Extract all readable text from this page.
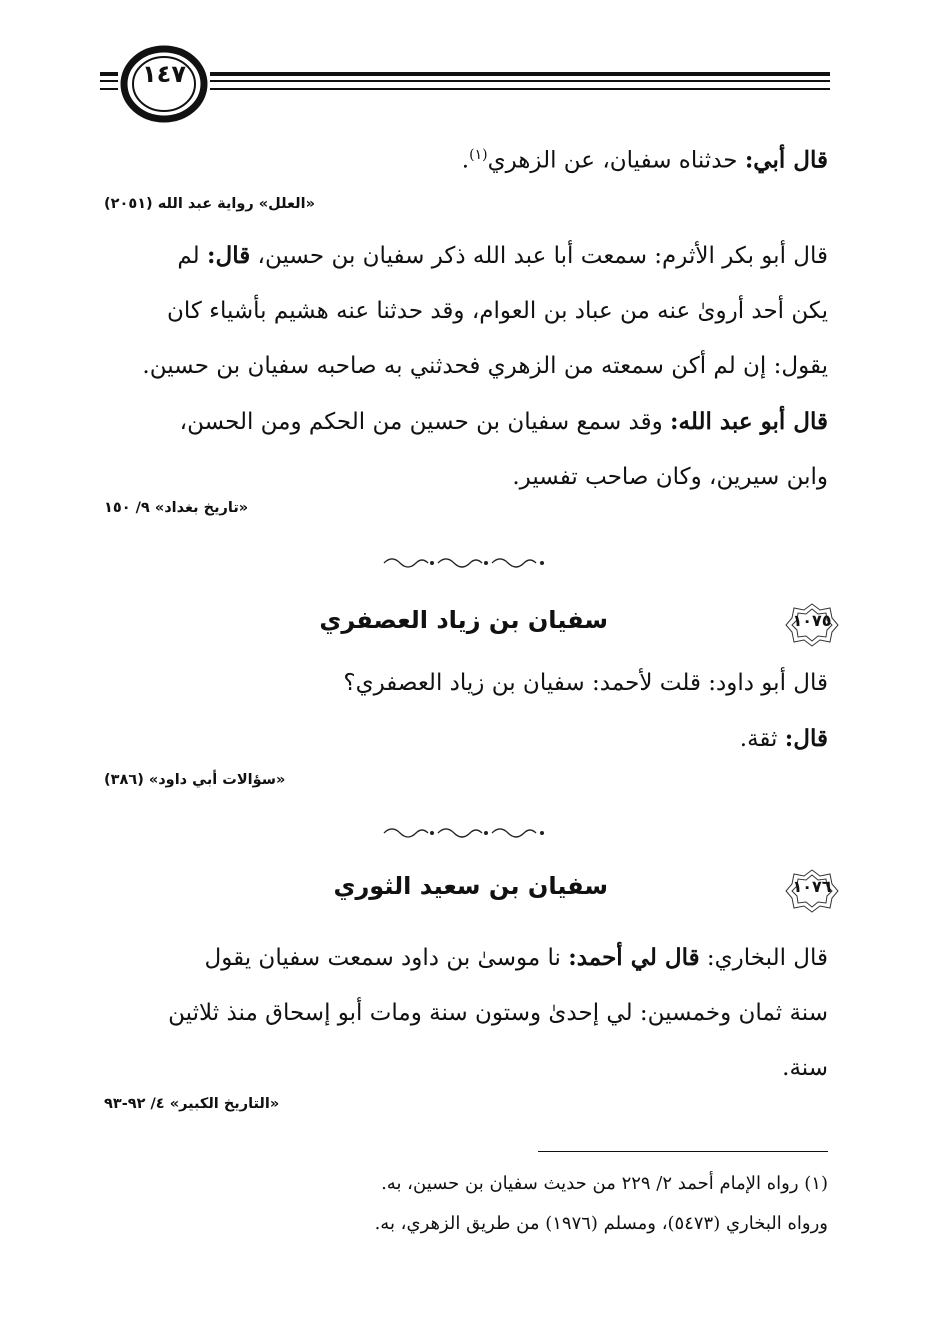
١٤٧
قال أبي: حدثناه سفيان، عن الزهري$^{(١)}$.
«العلل» رواية عبد الله (٢٠٥١)
قال أبو بكر الأثرم: سمعت أبا عبد الله ذكر سفيان بن حسين، قال: لم
يكن أحد أروىٰ عنه من عباد بن العوام، وقد حدثنا عنه هشيم بأشياء كان
يقول: إن لم أكن سمعته من الزهري فحدثني به صاحبه سفيان بن حسين.
قال أبو عبد الله: وقد سمع سفيان بن حسين من الحكم ومن الحسن،
وابن سيرين، وكان صاحب تفسير.
«تاريخ بغداد» ٩/ ١٥٠
١٠٧٥
سفيان بن زياد العصفري
قال أبو داود: قلت لأحمد: سفيان بن زياد العصفري؟
قال: ثقة.
«سؤالات أبي داود» (٣٨٦)
١٠٧٦
سفيان بن سعيد الثوري
قال البخاري: قال لي أحمد: نا موسىٰ بن داود سمعت سفيان يقول
سنة ثمان وخمسين: لي إحدىٰ وستون سنة ومات أبو إسحاق منذ ثلاثين
سنة.
«التاريخ الكبير» ٤/ ٩٢-٩٣
(١) رواه الإمام أحمد ٢/ ٢٢٩ من حديث سفيان بن حسين، به.
ورواه البخاري (٥٤٧٣)، ومسلم (١٩٧٦) من طريق الزهري، به.
